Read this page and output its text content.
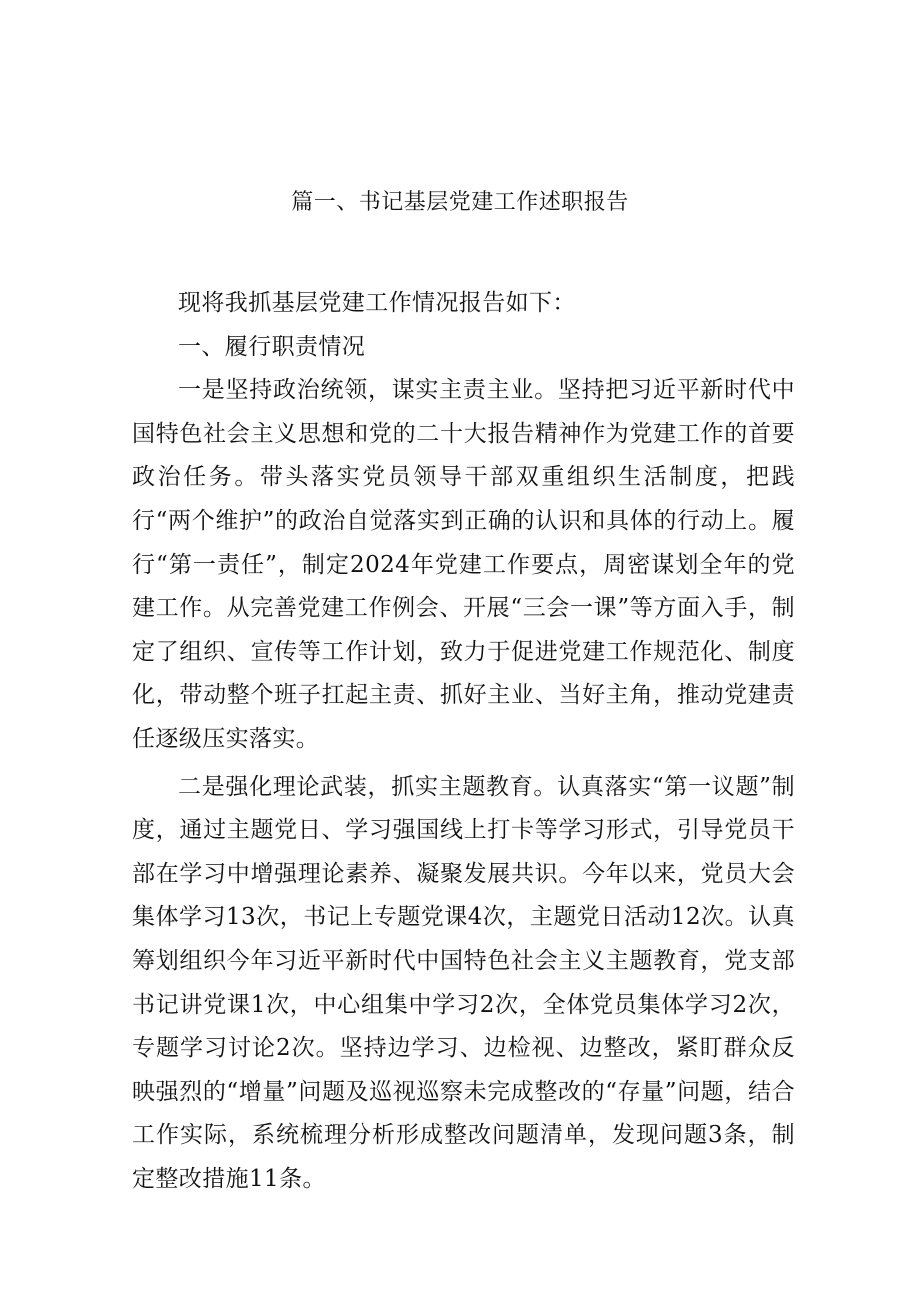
篇一、书记基层党建工作述职报告

现将我抓基层党建工作情况报告如下：

一、履行职责情况

一是坚持政治统领，谋实主责主业。坚持把习近平新时代中国特色社会主义思想和党的二十大报告精神作为党建工作的首要政治任务。带头落实党员领导干部双重组织生活制度，把践行“两个维护”的政治自觉落实到正确的认识和具体的行动上。履行“第一责任”，制定2024年党建工作要点，周密谋划全年的党建工作。从完善党建工作例会、开展“三会一课”等方面入手，制定了组织、宣传等工作计划，致力于促进党建工作规范化、制度化，带动整个班子扛起主责、抓好主业、当好主角，推动党建责任逐级压实落实。

二是强化理论武装，抓实主题教育。认真落实“第一议题”制度，通过主题党日、学习强国线上打卡等学习形式，引导党员干部在学习中增强理论素养、凝聚发展共识。今年以来，党员大会集体学习13次，书记上专题党课4次，主题党日活动12次。认真筹划组织今年习近平新时代中国特色社会主义主题教育，党支部书记讲党课1次，中心组集中学习2次，全体党员集体学习2次，专题学习讨论2次。坚持边学习、边检视、边整改，紧盯群众反映强烈的“增量”问题及巡视巡察未完成整改的“存量”问题，结合工作实际，系统梳理分析形成整改问题清单，发现问题3条，制定整改措施11条。
